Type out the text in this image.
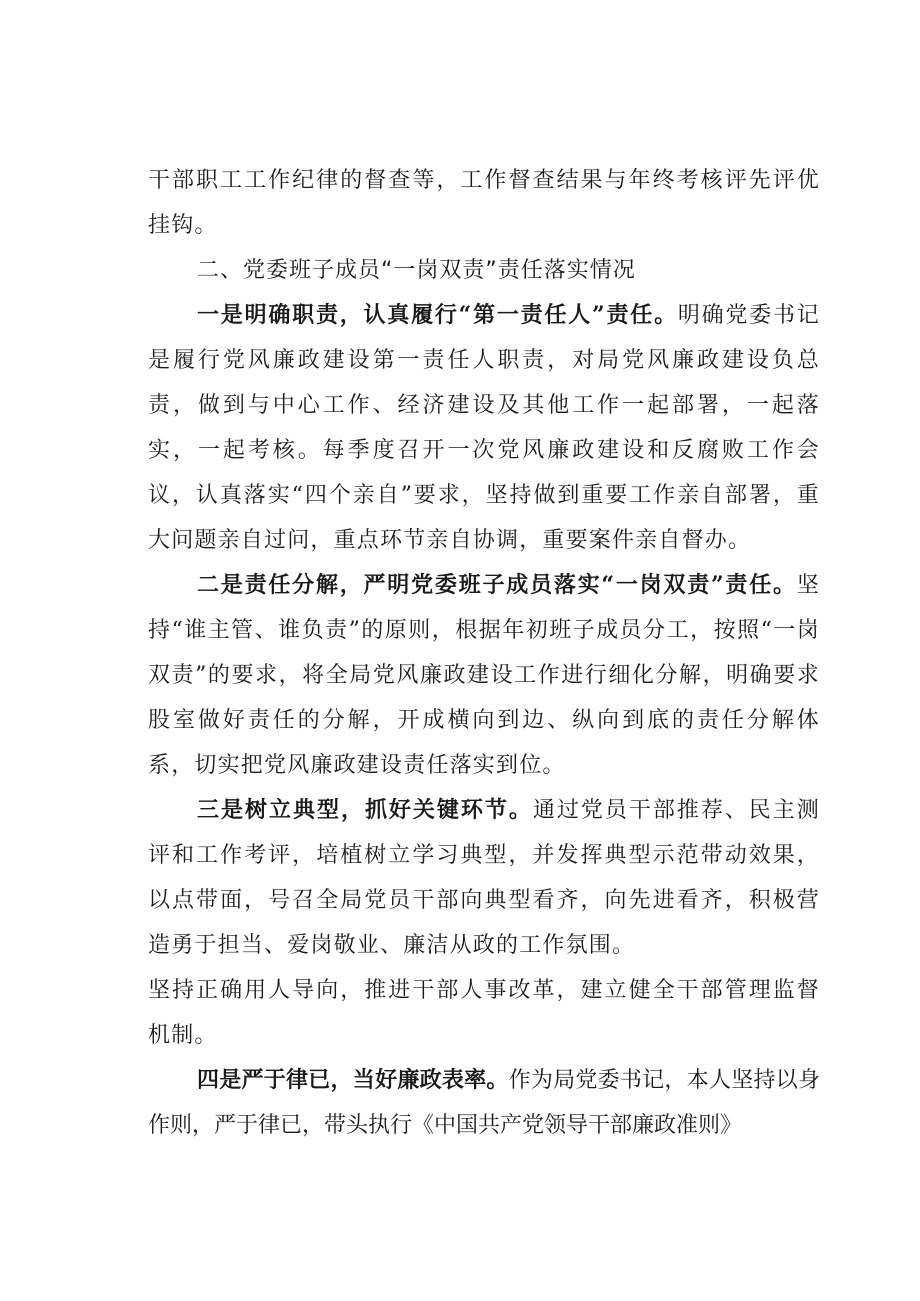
干部职工工作纪律的督查等，工作督查结果与年终考核评先评优挂钩。

二、党委班子成员“一岗双责”责任落实情况

一是明确职责，认真履行“第一责任人”责任。明确党委书记是履行党风廉政建设第一责任人职责，对局党风廉政建设负总责，做到与中心工作、经济建设及其他工作一起部署，一起落实，一起考核。每季度召开一次党风廉政建设和反腐败工作会议，认真落实“四个亲自”要求，坚持做到重要工作亲自部署，重大问题亲自过问，重点环节亲自协调，重要案件亲自督办。

二是责任分解，严明党委班子成员落实“一岗双责”责任。坚持“谁主管、谁负责”的原则，根据年初班子成员分工，按照“一岗双责”的要求，将全局党风廉政建设工作进行细化分解，明确要求股室做好责任的分解，开成横向到边、纵向到底的责任分解体系，切实把党风廉政建设责任落实到位。

三是树立典型，抓好关键环节。通过党员干部推荐、民主测评和工作考评，培植树立学习典型，并发挥典型示范带动效果，以点带面，号召全局党员干部向典型看齐，向先进看齐，积极营造勇于担当、爱岗敬业、廉洁从政的工作氛围。

坚持正确用人导向，推进干部人事改革，建立健全干部管理监督机制。

四是严于律已，当好廉政表率。作为局党委书记，本人坚持以身作则，严于律已，带头执行《中国共产党领导干部廉政准则》
